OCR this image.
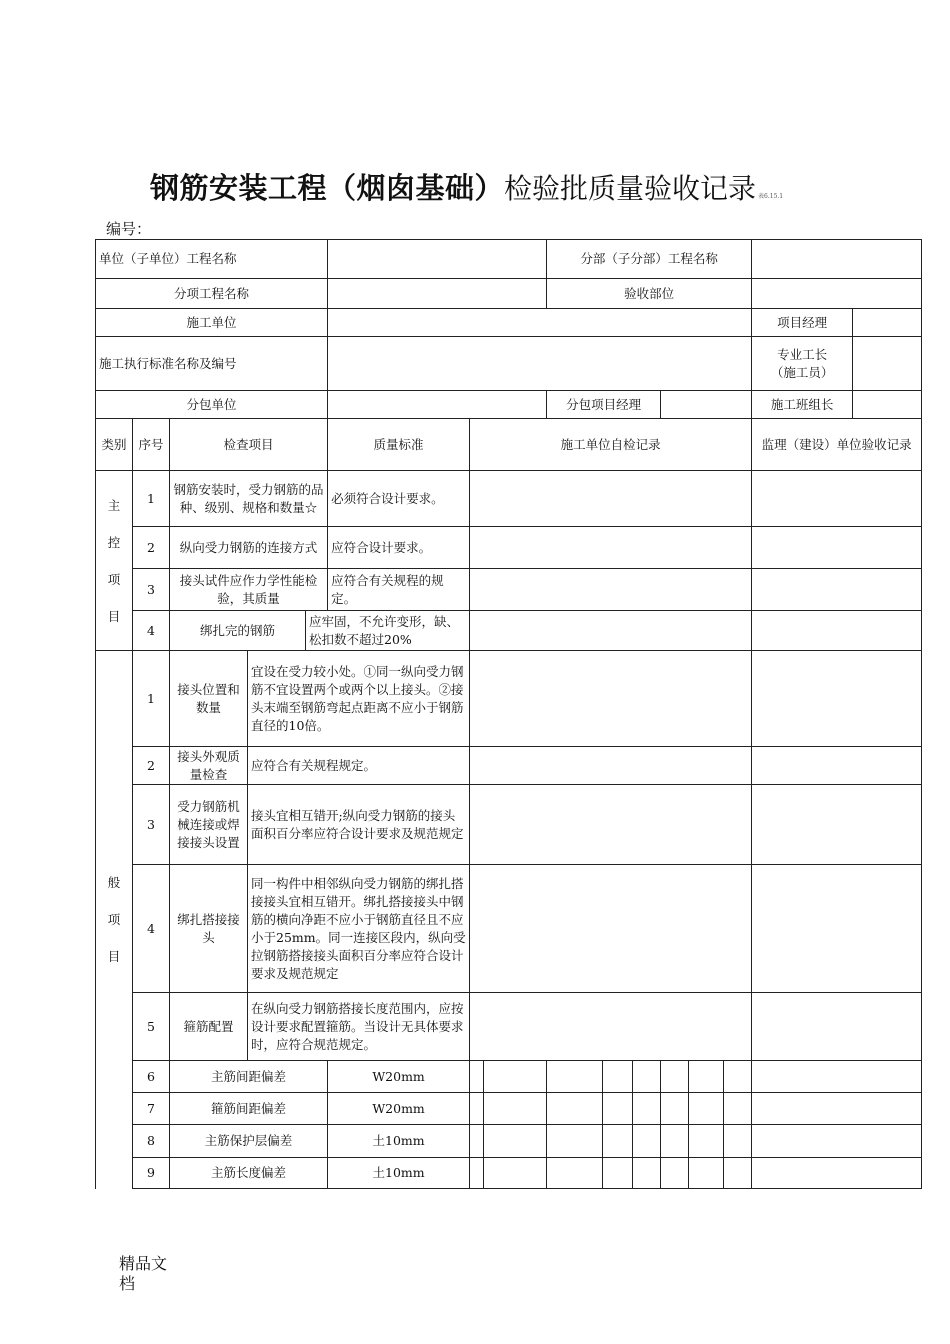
钢筋安装工程（烟囱基础）检验批质量验收记录 表6.15.1
编号：
单位（子单位）工程名称								分部（子分部）工程名称							
分项工程名称								验收部位							
施工单位														项目经理	
施工执行标准名称及编号														专业工长
（施工员）	

分包单位								分包项目经理						施工班组长	
类别	序号	检查项目			质量标准	施工单位自检记录								监理（建设）单位验收记录	
主控项目	1	钢筋安装时，受力钢筋的品种、级别、规格和数量☆			必须符合设计要求。										
	2	纵向受力钢筋的连接方式			应符合设计要求。										
	3	接头试件应作力学性能检验，其质量			应符合有关规程的规定。										
	4	绑扎完的钢筋		应牢固，不允许变形，缺、松扣数不超过20%											
般项目	1	接头位置和数量	宜设在受力较小处。①同一纵向受力钢筋不宜设置两个或两个以上接头。②接头末端至钢筋弯起点距离不应小于钢筋直径的10倍。												
	2	接头外观质量检查	应符合有关规程规定。												
	3	受力钢筋机械连接或焊接接头设置	接头宜相互错开;纵向受力钢筋的接头面积百分率应符合设计要求及规范规定												
	4	绑扎搭接接头	同一构件中相邻纵向受力钢筋的绑扎搭接接头宜相互错开。绑扎搭接接头中钢筋的横向净距不应小于钢筋直径且不应小于25mm。同一连接区段内，纵向受拉钢筋搭接接头面积百分率应符合设计要求及规范规定												
	5	箍筋配置	在纵向受力钢筋搭接长度范围内，应按设计要求配置箍筋。当设计无具体要求时，应符合规范规定。												
	6	主筋间距偏差			W20mm										
	7	箍筋间距偏差			W20mm										
	8	主筋保护层偏差			土10mm										
	9	主筋长度偏差			土10mm										
精品文档
